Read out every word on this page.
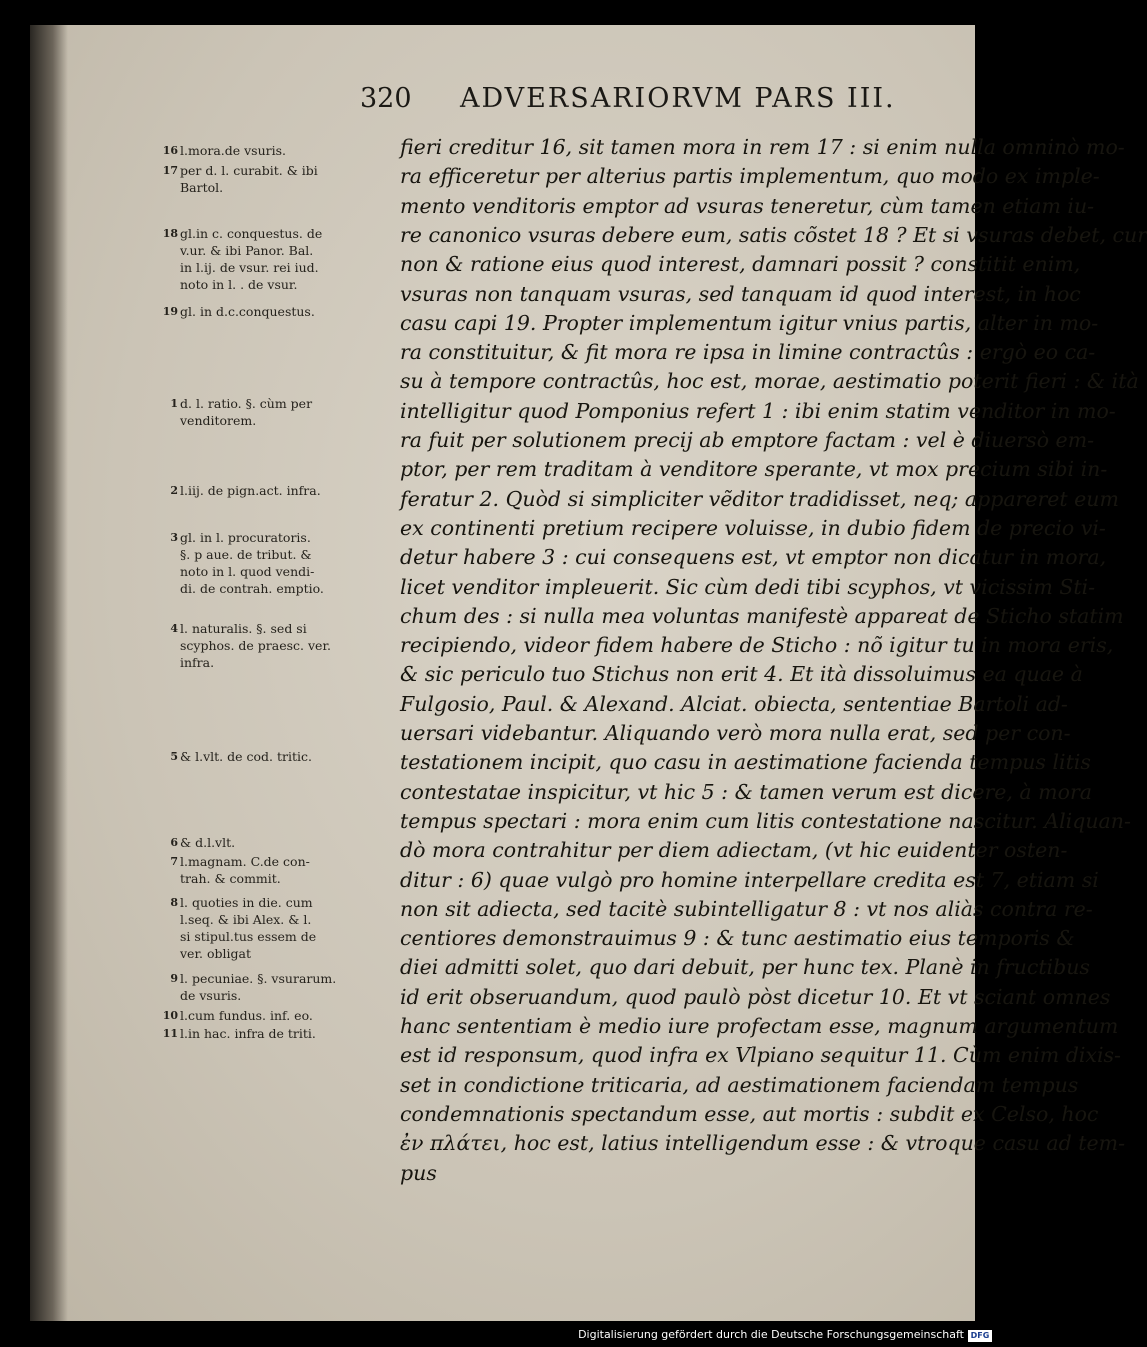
320 ADVERSARIORVM PARS III.
16 l.mora.de vsuris.
17 per d. l. curabit. & ibi
Bartol.
18 gl.in c. conquestus. de
v.ur. & ibi Panor. Bal.
in l.ij. de vsur. rei iud.
noto in l. . de vsur.
19 gl. in d.c.conquestus.
1 d. l. ratio. §. cùm per
venditorem.
2 l.iij. de pign.act. infra.
3 gl. in l. procuratoris.
§. p aue. de tribut. &
noto in l. quod vendi-
di. de contrah. emptio.
4 l. naturalis. §. sed si
scyphos. de praesc. ver.
infra.
5 & l.vlt. de cod. tritic.
6 & d.l.vlt.
7 l.magnam. C.de con-
trah. & commit.
8 l. quoties in die. cum
l.seq. & ibi Alex. & l.
si stipul.tus essem de
ver. obligat
9 l. pecuniae. §. vsurarum.
de vsuris.
10 l.cum fundus. inf. eo.
11 l.in hac. infra de triti.
fieri creditur 16, sit tamen mora in rem 17 : si enim nulla omninò mo-
ra efficeretur per alterius partis implementum, quo modo ex imple-
mento venditoris emptor ad vsuras teneretur, cùm tamen etiam iu-
re canonico vsuras debere eum, satis cõstet 18 ? Et si vsuras debet, cur
non & ratione eius quod interest, damnari possit ? constitit enim,
vsuras non tanquam vsuras, sed tanquam id quod interest, in hoc
casu capi 19. Propter implementum igitur vnius partis, alter in mo-
ra constituitur, & fit mora re ipsa in limine contractûs : ergò eo ca-
su à tempore contractûs, hoc est, morae, aestimatio poterit fieri : & ità
intelligitur quod Pomponius refert 1 : ibi enim statim venditor in mo-
ra fuit per solutionem precij ab emptore factam : vel è diuersò em-
ptor, per rem traditam à venditore sperante, vt mox precium sibi in-
feratur 2. Quòd si simpliciter vẽditor tradidisset, neq; appareret eum
ex continenti pretium recipere voluisse, in dubio fidem de precio vi-
detur habere 3 : cui consequens est, vt emptor non dicatur in mora,
licet venditor impleuerit. Sic cùm dedi tibi scyphos, vt vicissim Sti-
chum des : si nulla mea voluntas manifestè appareat de Sticho statim
recipiendo, videor fidem habere de Sticho : nõ igitur tu in mora eris,
& sic periculo tuo Stichus non erit 4. Et ità dissoluimus ea quae à
Fulgosio, Paul. & Alexand. Alciat. obiecta, sententiae Bartoli ad-
uersari videbantur. Aliquando verò mora nulla erat, sed per con-
testationem incipit, quo casu in aestimatione facienda tempus litis
contestatae inspicitur, vt hic 5 : & tamen verum est dicere, à mora
tempus spectari : mora enim cum litis contestatione nascitur. Aliquan-
dò mora contrahitur per diem adiectam, (vt hic euidenter osten-
ditur : 6) quae vulgò pro homine interpellare credita est 7, etiam si
non sit adiecta, sed tacitè subintelligatur 8 : vt nos aliàs contra re-
centiores demonstrauimus 9 : & tunc aestimatio eius temporis &
diei admitti solet, quo dari debuit, per hunc tex. Planè in fructibus
id erit obseruandum, quod paulò pòst dicetur 10. Et vt sciant omnes
hanc sententiam è medio iure profectam esse, magnum argumentum
est id responsum, quod infra ex Vlpiano sequitur 11. Cùm enim dixis-
set in condictione triticaria, ad aestimationem faciendam tempus
condemnationis spectandum esse, aut mortis : subdit ex Celso, hoc
ἐν πλάτει, hoc est, latius intelligendum esse : & vtroque casu ad tem-
pus
Digitalisierung gefördert durch die Deutsche Forschungsgemeinschaft DFG
